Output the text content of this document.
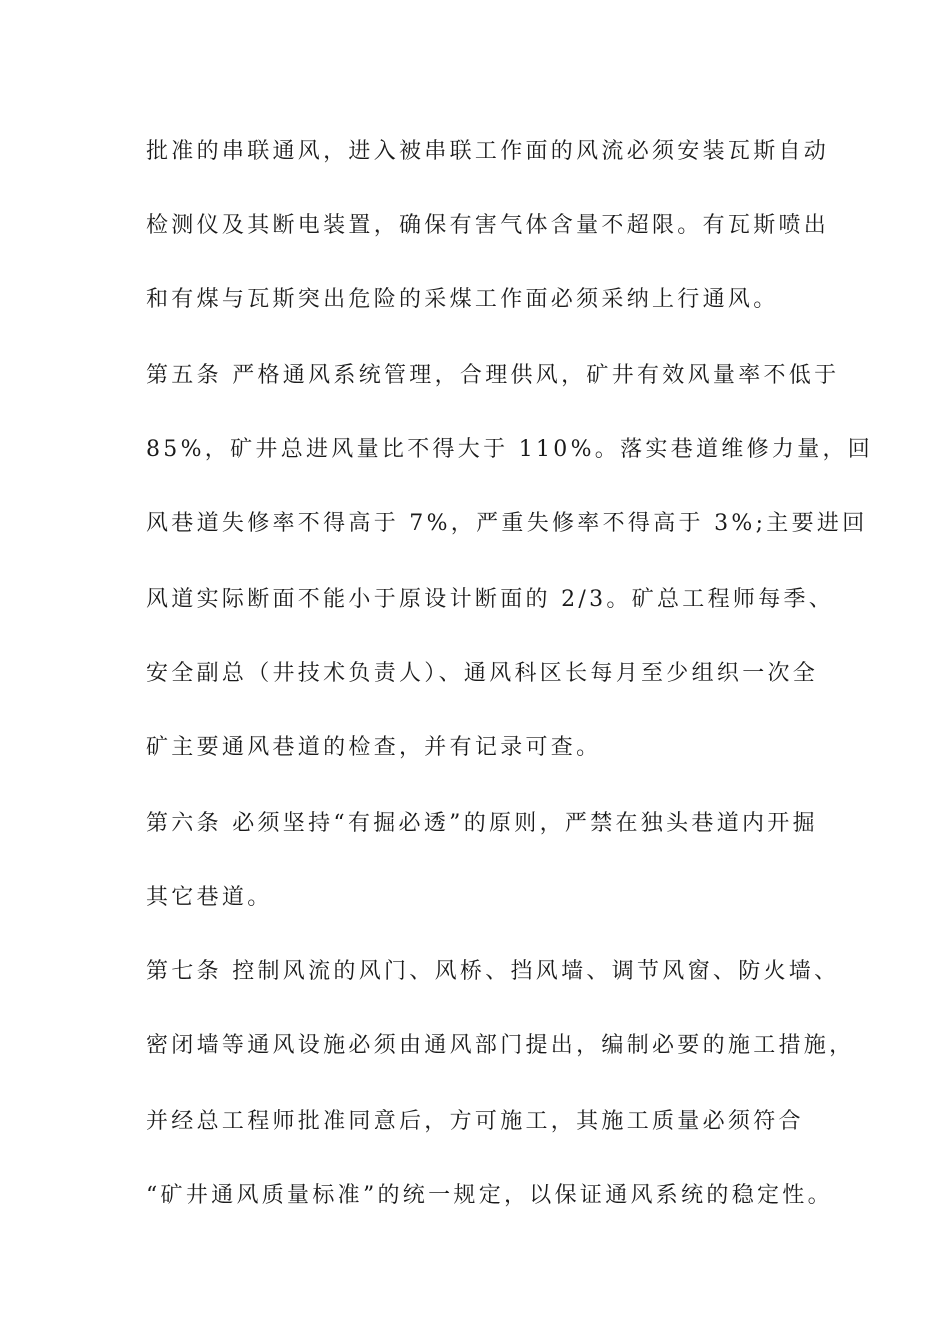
批准的串联通风，进入被串联工作面的风流必须安装瓦斯自动
检测仪及其断电装置，确保有害气体含量不超限。有瓦斯喷出
和有煤与瓦斯突出危险的采煤工作面必须采纳上行通风。
第五条 严格通风系统管理，合理供风，矿井有效风量率不低于
85%，矿井总进风量比不得大于 110%。落实巷道维修力量，回
风巷道失修率不得高于 7%，严重失修率不得高于 3%;主要进回
风道实际断面不能小于原设计断面的 2/3。矿总工程师每季、
安全副总（井技术负责人）、通风科区长每月至少组织一次全
矿主要通风巷道的检查，并有记录可查。
第六条 必须坚持“有掘必透”的原则，严禁在独头巷道内开掘
其它巷道。
第七条 控制风流的风门、风桥、挡风墙、调节风窗、防火墙、
密闭墙等通风设施必须由通风部门提出，编制必要的施工措施，
并经总工程师批准同意后，方可施工，其施工质量必须符合
“矿井通风质量标准”的统一规定，以保证通风系统的稳定性。
